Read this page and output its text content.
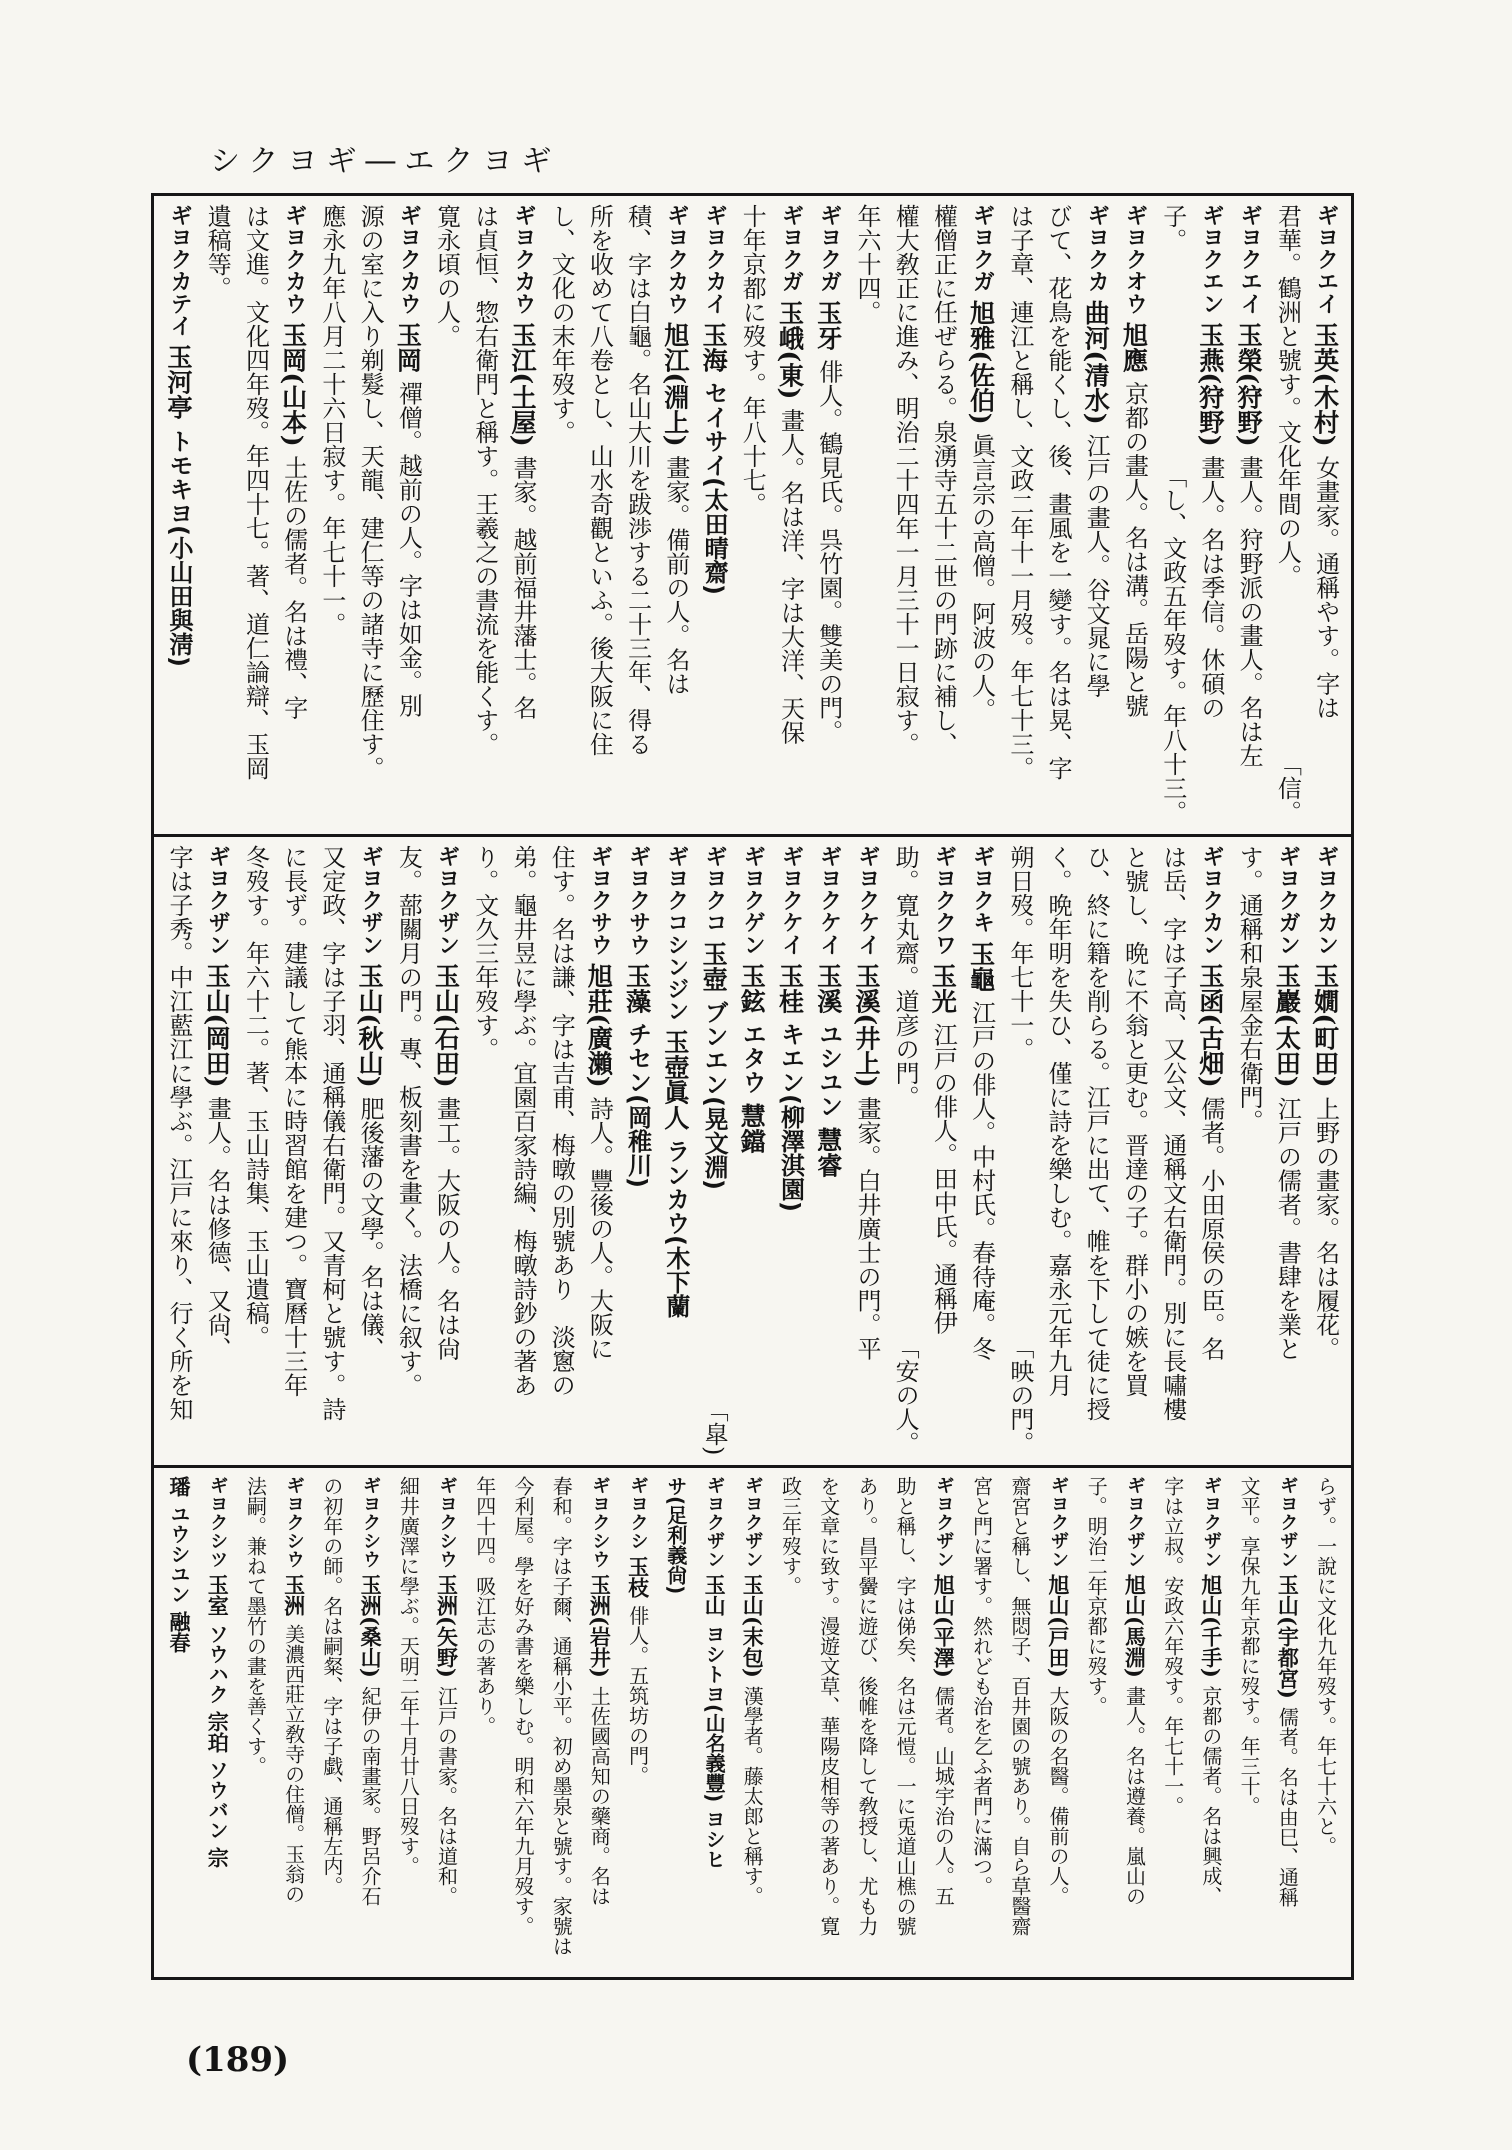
シクヨギ―エクヨギ
ギヨクエイ玉英(木村)女畫家。通稱やす。字は
君華。鶴洲と號す。文化年間の人。
「信。
ギヨクエイ玉榮(狩野)畫人。狩野派の畫人。名は左
ギヨクエン玉燕(狩野)畫人。名は季信。休碩の
子。
「し、文政五年歿す。年八十三。
ギヨクオウ旭應京都の畫人。名は溝。岳陽と號
ギヨクカ曲河(清水)江戸の畫人。谷文晁に學
びて、花鳥を能くし、後、畫風を一變す。名は晃、字
は子章、連江と稱し、文政二年十一月歿。年七十三。
ギヨクガ旭雅(佐伯)眞言宗の高僧。阿波の人。
權僧正に任ぜらる。泉湧寺五十二世の門跡に補し、
權大敎正に進み、明治二十四年一月三十一日寂す。
年六十四。
ギヨクガ玉牙俳人。鶴見氏。呉竹園。雙美の門。
ギヨクガ玉峨(東)畫人。名は洋、字は大洋、天保
十年京都に歿す。年八十七。
ギヨクカイ玉海セイサイ(太田晴齋)
ギヨクカウ旭江(淵上)畫家。備前の人。名は
積、字は白龜。名山大川を跋渉する二十三年、得る
所を收めて八卷とし、山水奇觀といふ。後大阪に住
し、文化の末年歿す。
ギヨクカウ玉江(土屋)書家。越前福井藩士。名
は貞恒、惣右衛門と稱す。王羲之の書流を能くす。
寛永頃の人。
ギヨクカウ玉岡禪僧。越前の人。字は如金。別
源の室に入り剃髮し、天龍、建仁等の諸寺に歷住す。
應永九年八月二十六日寂す。年七十一。
ギヨクカウ玉岡(山本)土佐の儒者。名は禮、字
は文進。文化四年歿。年四十七。著、道仁論辯、玉岡
遺稿等。
ギヨクカテイ玉河亭トモキヨ(小山田與淸)
ギヨクカン玉嫺(町田)上野の畫家。名は履花。
ギヨクガン玉巖(太田)江戸の儒者。書肆を業と
す。通稱和泉屋金右衛門。
ギヨクカン玉函(古畑)儒者。小田原侯の臣。名
は岳、字は子高、又公文、通稱文右衛門。別に長嘯樓
と號し、晩に不翁と更む。晋達の子。群小の嫉を買
ひ、終に籍を削らる。江戸に出て、帷を下して徒に授
く。晩年明を失ひ、僅に詩を樂しむ。嘉永元年九月
朔日歿。年七十一。
「映の門。
ギヨクキ玉龜江戸の俳人。中村氏。春待庵。冬
ギヨククワ玉光江戸の俳人。田中氏。通稱伊
助。寛丸齋。道彦の門。
「安の人。
ギヨクケイ玉溪(井上)畫家。白井廣士の門。平
ギヨクケイ玉溪ユシユン慧睿
ギヨクケイ玉桂キエン(柳澤淇園)
ギヨクゲン玉鉉エタウ慧鐺
ギヨクコ玉壺ブンエン(晃文淵)
「皐)
ギヨクコシンジン玉壺眞人ランカウ(木下蘭
ギヨクサウ玉藻チセン(岡稚川)
ギヨクサウ旭莊(廣瀨)詩人。豐後の人。大阪に
住す。名は謙、字は吉甫、梅暾の別號あり　淡窻の
弟。龜井昱に學ぶ。宜園百家詩編、梅暾詩鈔の著あ
り。文久三年歿す。
ギヨクザン玉山(石田)畫工。大阪の人。名は尙
友。蔀關月の門。專、板刻書を畫く。法橋に叙す。
ギヨクザン玉山(秋山)肥後藩の文學。名は儀、
又定政、字は子羽、通稱儀右衛門。又青柯と號す。詩
に長ず。建議して熊本に時習館を建つ。寶曆十三年
冬歿す。年六十二。著、玉山詩集、玉山遺稿。
ギヨクザン玉山(岡田)畫人。名は修德、又尙、
字は子秀。中江藍江に學ぶ。江戸に來り、行く所を知
らず。一說に文化九年歿す。年七十六と。
ギヨクザン玉山(宇都宮)儒者。名は由巳、通稱
文平。享保九年京都に歿す。年三十。
ギヨクザン旭山(千手)京都の儒者。名は興成、
字は立叔。安政六年歿す。年七十一。
ギヨクザン旭山(馬淵)畫人。名は遵養。嵐山の
子。明治二年京都に歿す。
ギヨクザン旭山(戸田)大阪の名醫。備前の人。
齋宮と稱し、無悶子、百井園の號あり。自ら草醫齋
宮と門に署す。然れども治を乞ふ者門に滿つ。
ギヨクザン旭山(平澤)儒者。山城宇治の人。五
助と稱し、字は俤矣、名は元愷。一に兎道山樵の號
あり。昌平黌に遊び、後帷を降して敎授し、尤も力
を文章に致す。漫遊文草、華陽皮相等の著あり。寛
政三年歿す。
ギヨクザン玉山(末包)漢學者。藤太郎と稱す。
ギヨクザン玉山ヨシトヨ(山名義豐)ヨシヒ
サ(足利義尙)
ギヨクシ玉枝俳人。五筑坊の門。
ギヨクシウ玉洲(岩井)土佐國高知の藥商。名は
春和。字は子爾、通稱小平。初め墨泉と號す。家號は
今利屋。學を好み書を樂しむ。明和六年九月歿す。
年四十四。吸江志の著あり。
ギヨクシウ玉洲(矢野)江戸の書家。名は道和。
細井廣澤に學ぶ。天明二年十月廿八日歿す。
ギヨクシウ玉洲(桑山)紀伊の南畫家。野呂介石
の初年の師。名は嗣粲、字は子戯、通稱左内。
ギヨクシウ玉洲美濃西莊立敎寺の住僧。玉翁の
法嗣。兼ねて墨竹の畫を善くす。
ギヨクシツ玉室ソウハク宗珀ソウバン宗
璠ユウシユン融春
(189)
